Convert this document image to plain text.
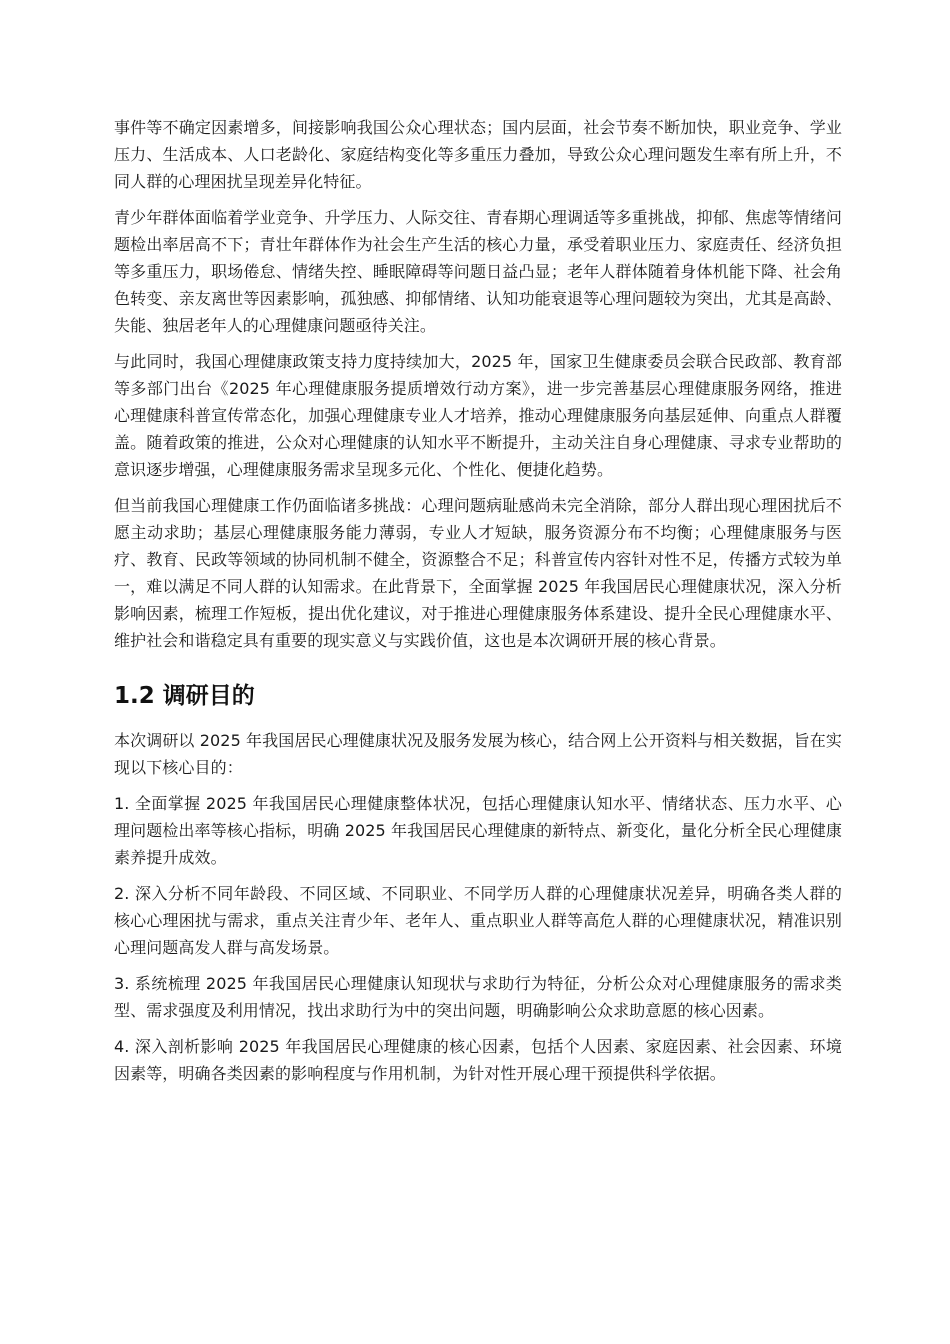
事件等不确定因素增多，间接影响我国公众心理状态；国内层面，社会节奏不断加快，职业竞争、学业压力、生活成本、人口老龄化、家庭结构变化等多重压力叠加，导致公众心理问题发生率有所上升，不同人群的心理困扰呈现差异化特征。

青少年群体面临着学业竞争、升学压力、人际交往、青春期心理调适等多重挑战，抑郁、焦虑等情绪问题检出率居高不下；青壮年群体作为社会生产生活的核心力量，承受着职业压力、家庭责任、经济负担等多重压力，职场倦怠、情绪失控、睡眠障碍等问题日益凸显；老年人群体随着身体机能下降、社会角色转变、亲友离世等因素影响，孤独感、抑郁情绪、认知功能衰退等心理问题较为突出，尤其是高龄、失能、独居老年人的心理健康问题亟待关注。

与此同时，我国心理健康政策支持力度持续加大，2025 年，国家卫生健康委员会联合民政部、教育部等多部门出台《2025 年心理健康服务提质增效行动方案》，进一步完善基层心理健康服务网络，推进心理健康科普宣传常态化，加强心理健康专业人才培养，推动心理健康服务向基层延伸、向重点人群覆盖。随着政策的推进，公众对心理健康的认知水平不断提升，主动关注自身心理健康、寻求专业帮助的意识逐步增强，心理健康服务需求呈现多元化、个性化、便捷化趋势。

但当前我国心理健康工作仍面临诸多挑战：心理问题病耻感尚未完全消除，部分人群出现心理困扰后不愿主动求助；基层心理健康服务能力薄弱，专业人才短缺，服务资源分布不均衡；心理健康服务与医疗、教育、民政等领域的协同机制不健全，资源整合不足；科普宣传内容针对性不足，传播方式较为单一，难以满足不同人群的认知需求。在此背景下，全面掌握 2025 年我国居民心理健康状况，深入分析影响因素，梳理工作短板，提出优化建议，对于推进心理健康服务体系建设、提升全民心理健康水平、维护社会和谐稳定具有重要的现实意义与实践价值，这也是本次调研开展的核心背景。

1.2 调研目的

本次调研以 2025 年我国居民心理健康状况及服务发展为核心，结合网上公开资料与相关数据，旨在实现以下核心目的：

1. 全面掌握 2025 年我国居民心理健康整体状况，包括心理健康认知水平、情绪状态、压力水平、心理问题检出率等核心指标，明确 2025 年我国居民心理健康的新特点、新变化，量化分析全民心理健康素养提升成效。

2. 深入分析不同年龄段、不同区域、不同职业、不同学历人群的心理健康状况差异，明确各类人群的核心心理困扰与需求，重点关注青少年、老年人、重点职业人群等高危人群的心理健康状况，精准识别心理问题高发人群与高发场景。

3. 系统梳理 2025 年我国居民心理健康认知现状与求助行为特征，分析公众对心理健康服务的需求类型、需求强度及利用情况，找出求助行为中的突出问题，明确影响公众求助意愿的核心因素。

4. 深入剖析影响 2025 年我国居民心理健康的核心因素，包括个人因素、家庭因素、社会因素、环境因素等，明确各类因素的影响程度与作用机制，为针对性开展心理干预提供科学依据。
